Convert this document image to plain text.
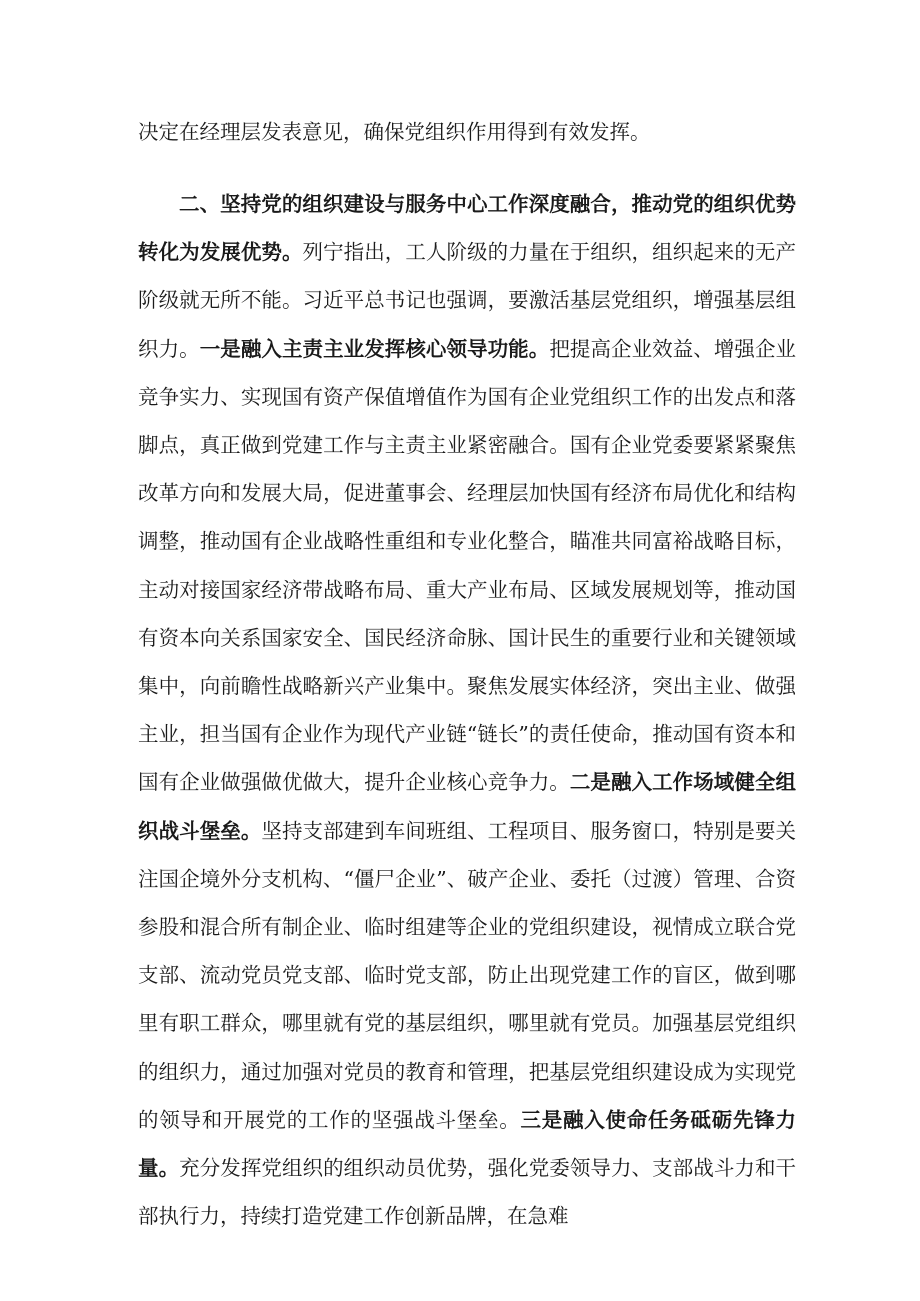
决定在经理层发表意见，确保党组织作用得到有效发挥。

二、坚持党的组织建设与服务中心工作深度融合，推动党的组织优势转化为发展优势。列宁指出，工人阶级的力量在于组织，组织起来的无产阶级就无所不能。习近平总书记也强调，要激活基层党组织，增强基层组织力。一是融入主责主业发挥核心领导功能。把提高企业效益、增强企业竞争实力、实现国有资产保值增值作为国有企业党组织工作的出发点和落脚点，真正做到党建工作与主责主业紧密融合。国有企业党委要紧紧聚焦改革方向和发展大局，促进董事会、经理层加快国有经济布局优化和结构调整，推动国有企业战略性重组和专业化整合，瞄准共同富裕战略目标，主动对接国家经济带战略布局、重大产业布局、区域发展规划等，推动国有资本向关系国家安全、国民经济命脉、国计民生的重要行业和关键领域集中，向前瞻性战略新兴产业集中。聚焦发展实体经济，突出主业、做强主业，担当国有企业作为现代产业链“链长”的责任使命，推动国有资本和国有企业做强做优做大，提升企业核心竞争力。二是融入工作场域健全组织战斗堡垒。坚持支部建到车间班组、工程项目、服务窗口，特别是要关注国企境外分支机构、“僵尸企业”、破产企业、委托（过渡）管理、合资参股和混合所有制企业、临时组建等企业的党组织建设，视情成立联合党支部、流动党员党支部、临时党支部，防止出现党建工作的盲区，做到哪里有职工群众，哪里就有党的基层组织，哪里就有党员。加强基层党组织的组织力，通过加强对党员的教育和管理，把基层党组织建设成为实现党的领导和开展党的工作的坚强战斗堡垒。三是融入使命任务砥砺先锋力量。充分发挥党组织的组织动员优势，强化党委领导力、支部战斗力和干部执行力，持续打造党建工作创新品牌，在急难
